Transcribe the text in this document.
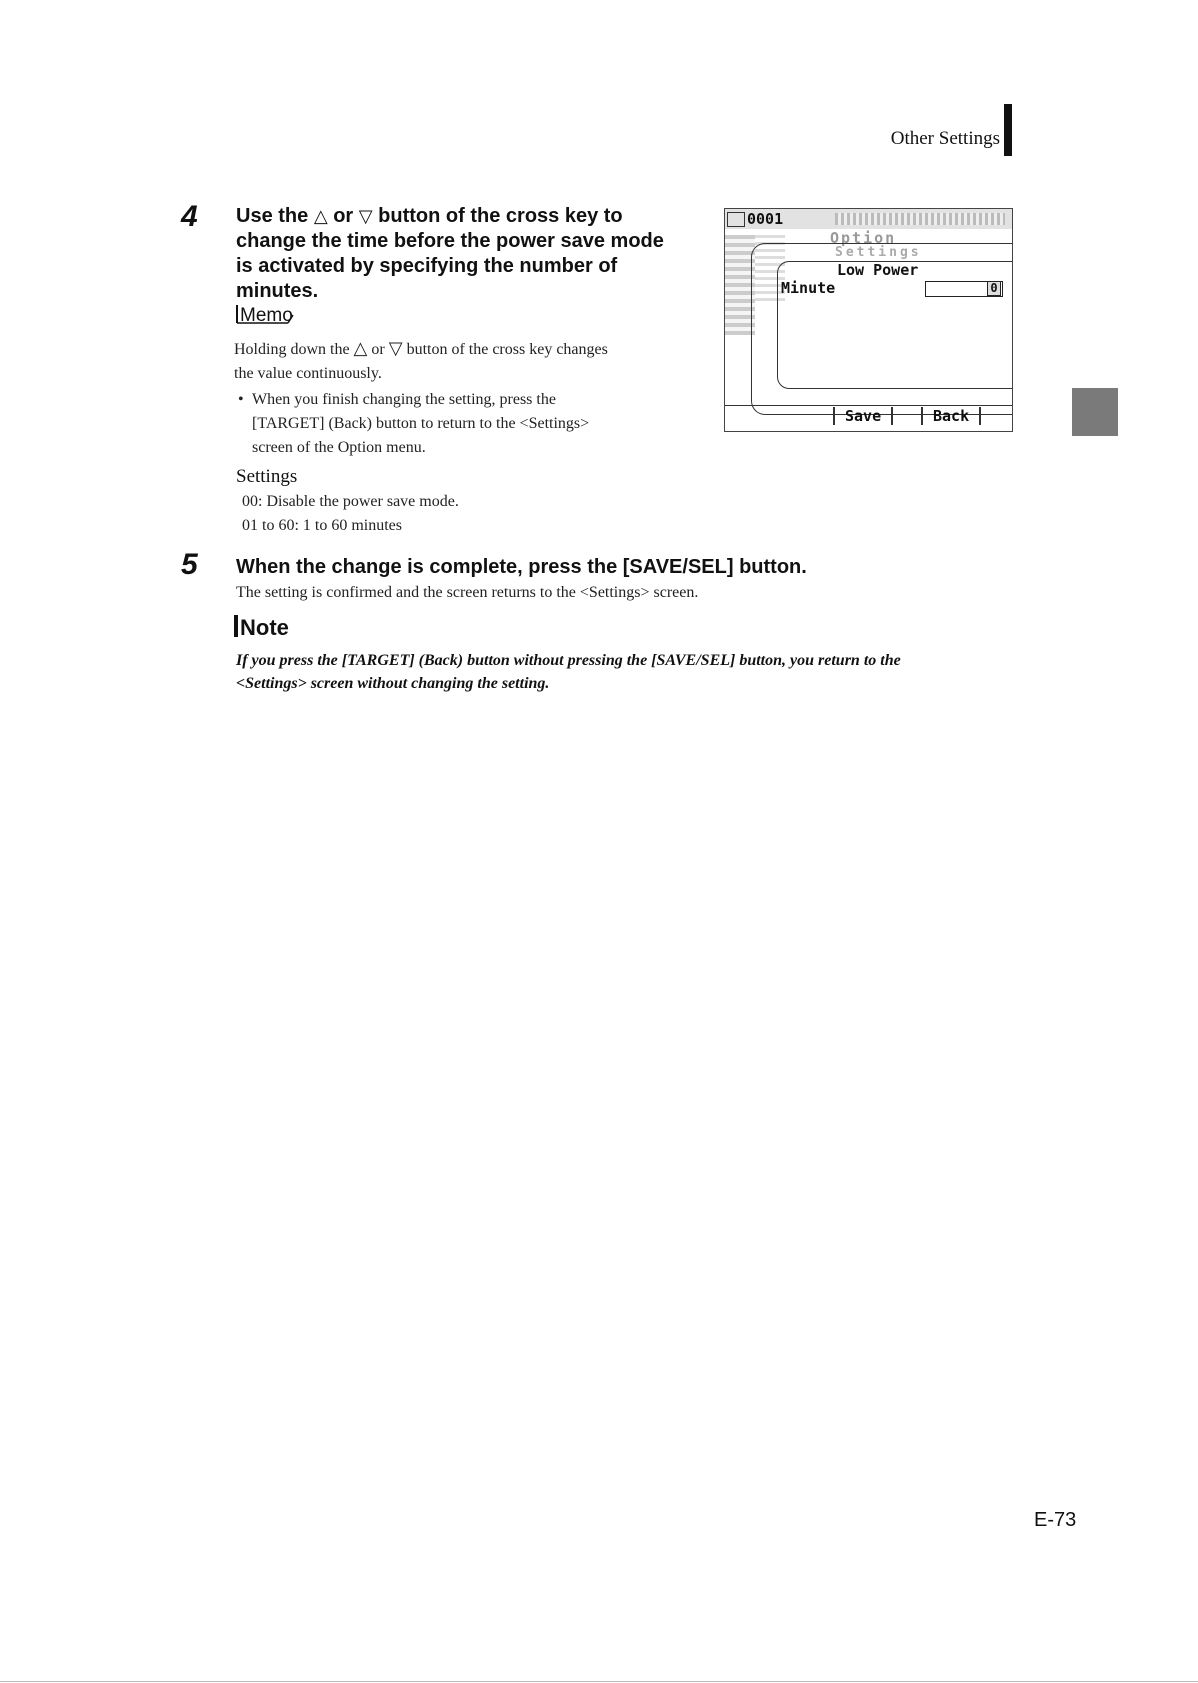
Other Settings
4 Use the △ or ▽ button of the cross key to
change the time before the power save mode
is activated by specifying the number of
minutes.
Memo
Holding down the △ or ▽ button of the cross key changes
the value continuously.
• When you finish changing the setting, press the
[TARGET] (Back) button to return to the <Settings>
screen of the Option menu.
Settings
00: Disable the power save mode.
01 to 60: 1 to 60 minutes
0001
Option
Settings
Low Power
Minute	0
Save	Back
5 When the change is complete, press the [SAVE/SEL] button.
The setting is confirmed and the screen returns to the <Settings> screen.
Note
If you press the [TARGET] (Back) button without pressing the [SAVE/SEL] button, you return to the
<Settings> screen without changing the setting.
E-73
